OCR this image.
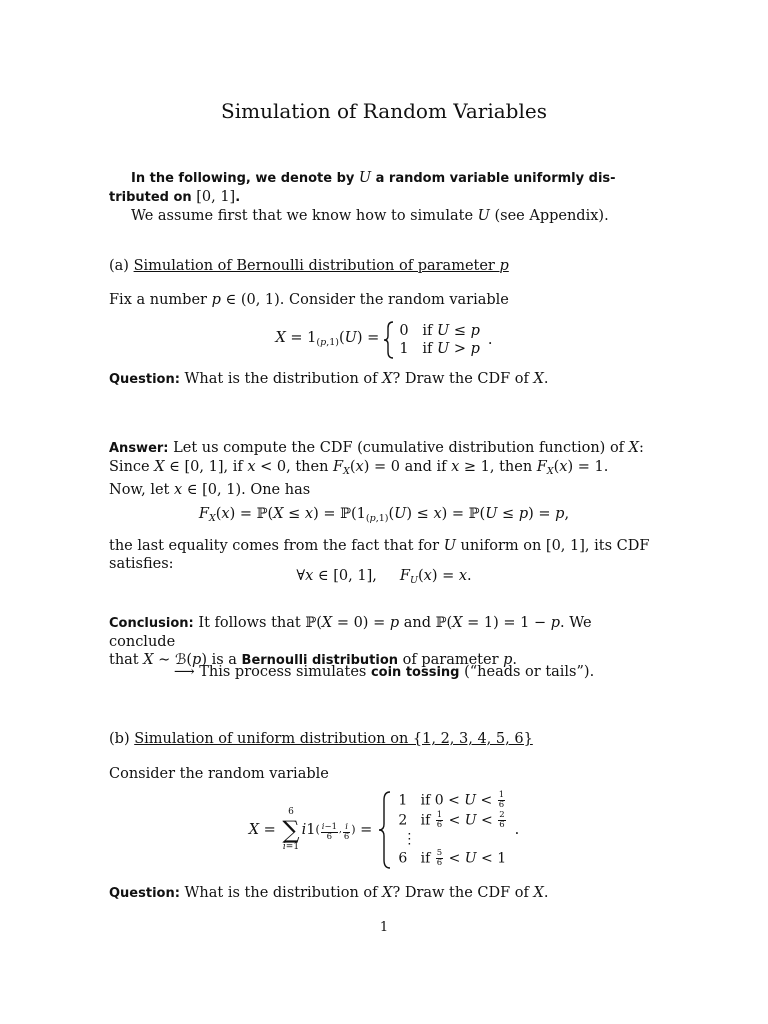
Simulation of Random Variables
In the following, we denote by U a random variable uniformly dis-
tributed on [0, 1].
We assume first that we know how to simulate U (see Appendix).
(a) Simulation of Bernoulli distribution of parameter p
Fix a number p ∈ (0, 1). Consider the random variable
$X = 1_{(p,1)}(U) = 0$   if U ≤ p
1   if U > p
.
Question: What is the distribution of X? Draw the CDF of X.
Answer: Let us compute the CDF (cumulative distribution function) of X:
Since X ∈ [0, 1], if x < 0, then $F_X(x) = 0$ and if x ≥ 1, then $F_X(x) = 1$.
Now, let x ∈ [0, 1). One has
$F_X(x)$ = ℙ(X ≤ $x) = ℙ(1_{(p,1)}(U) \le x)$ = ℙ(U ≤ p) = p,
the last equality comes from the fact that for U uniform on [0, 1], its CDF satisfies:
∀x ∈ [0, 1],     $F_U(x) = x$.
Conclusion: It follows that ℙ(X = 0) = p and ℙ(X = 1) = 1 − p. We conclude
that X ∼ ℬ(p) is a Bernoulli distribution of parameter p.
⟶ This process simulates coin tossing (“heads or tails”).
(b) Simulation of uniform distribution on {1, 2, 3, 4, 5, 6}
Consider the random variable
X =
6
∑
i=1
i1 ( i−1
6
, i
6
) =
1   if $0 < U < \frac{1}{6}$
2   if $\frac{1}{6} < U < \frac{2}{6}$
⋮
6   if $\frac{5}{6} < U < 1$
.
Question: What is the distribution of X? Draw the CDF of X.
1
